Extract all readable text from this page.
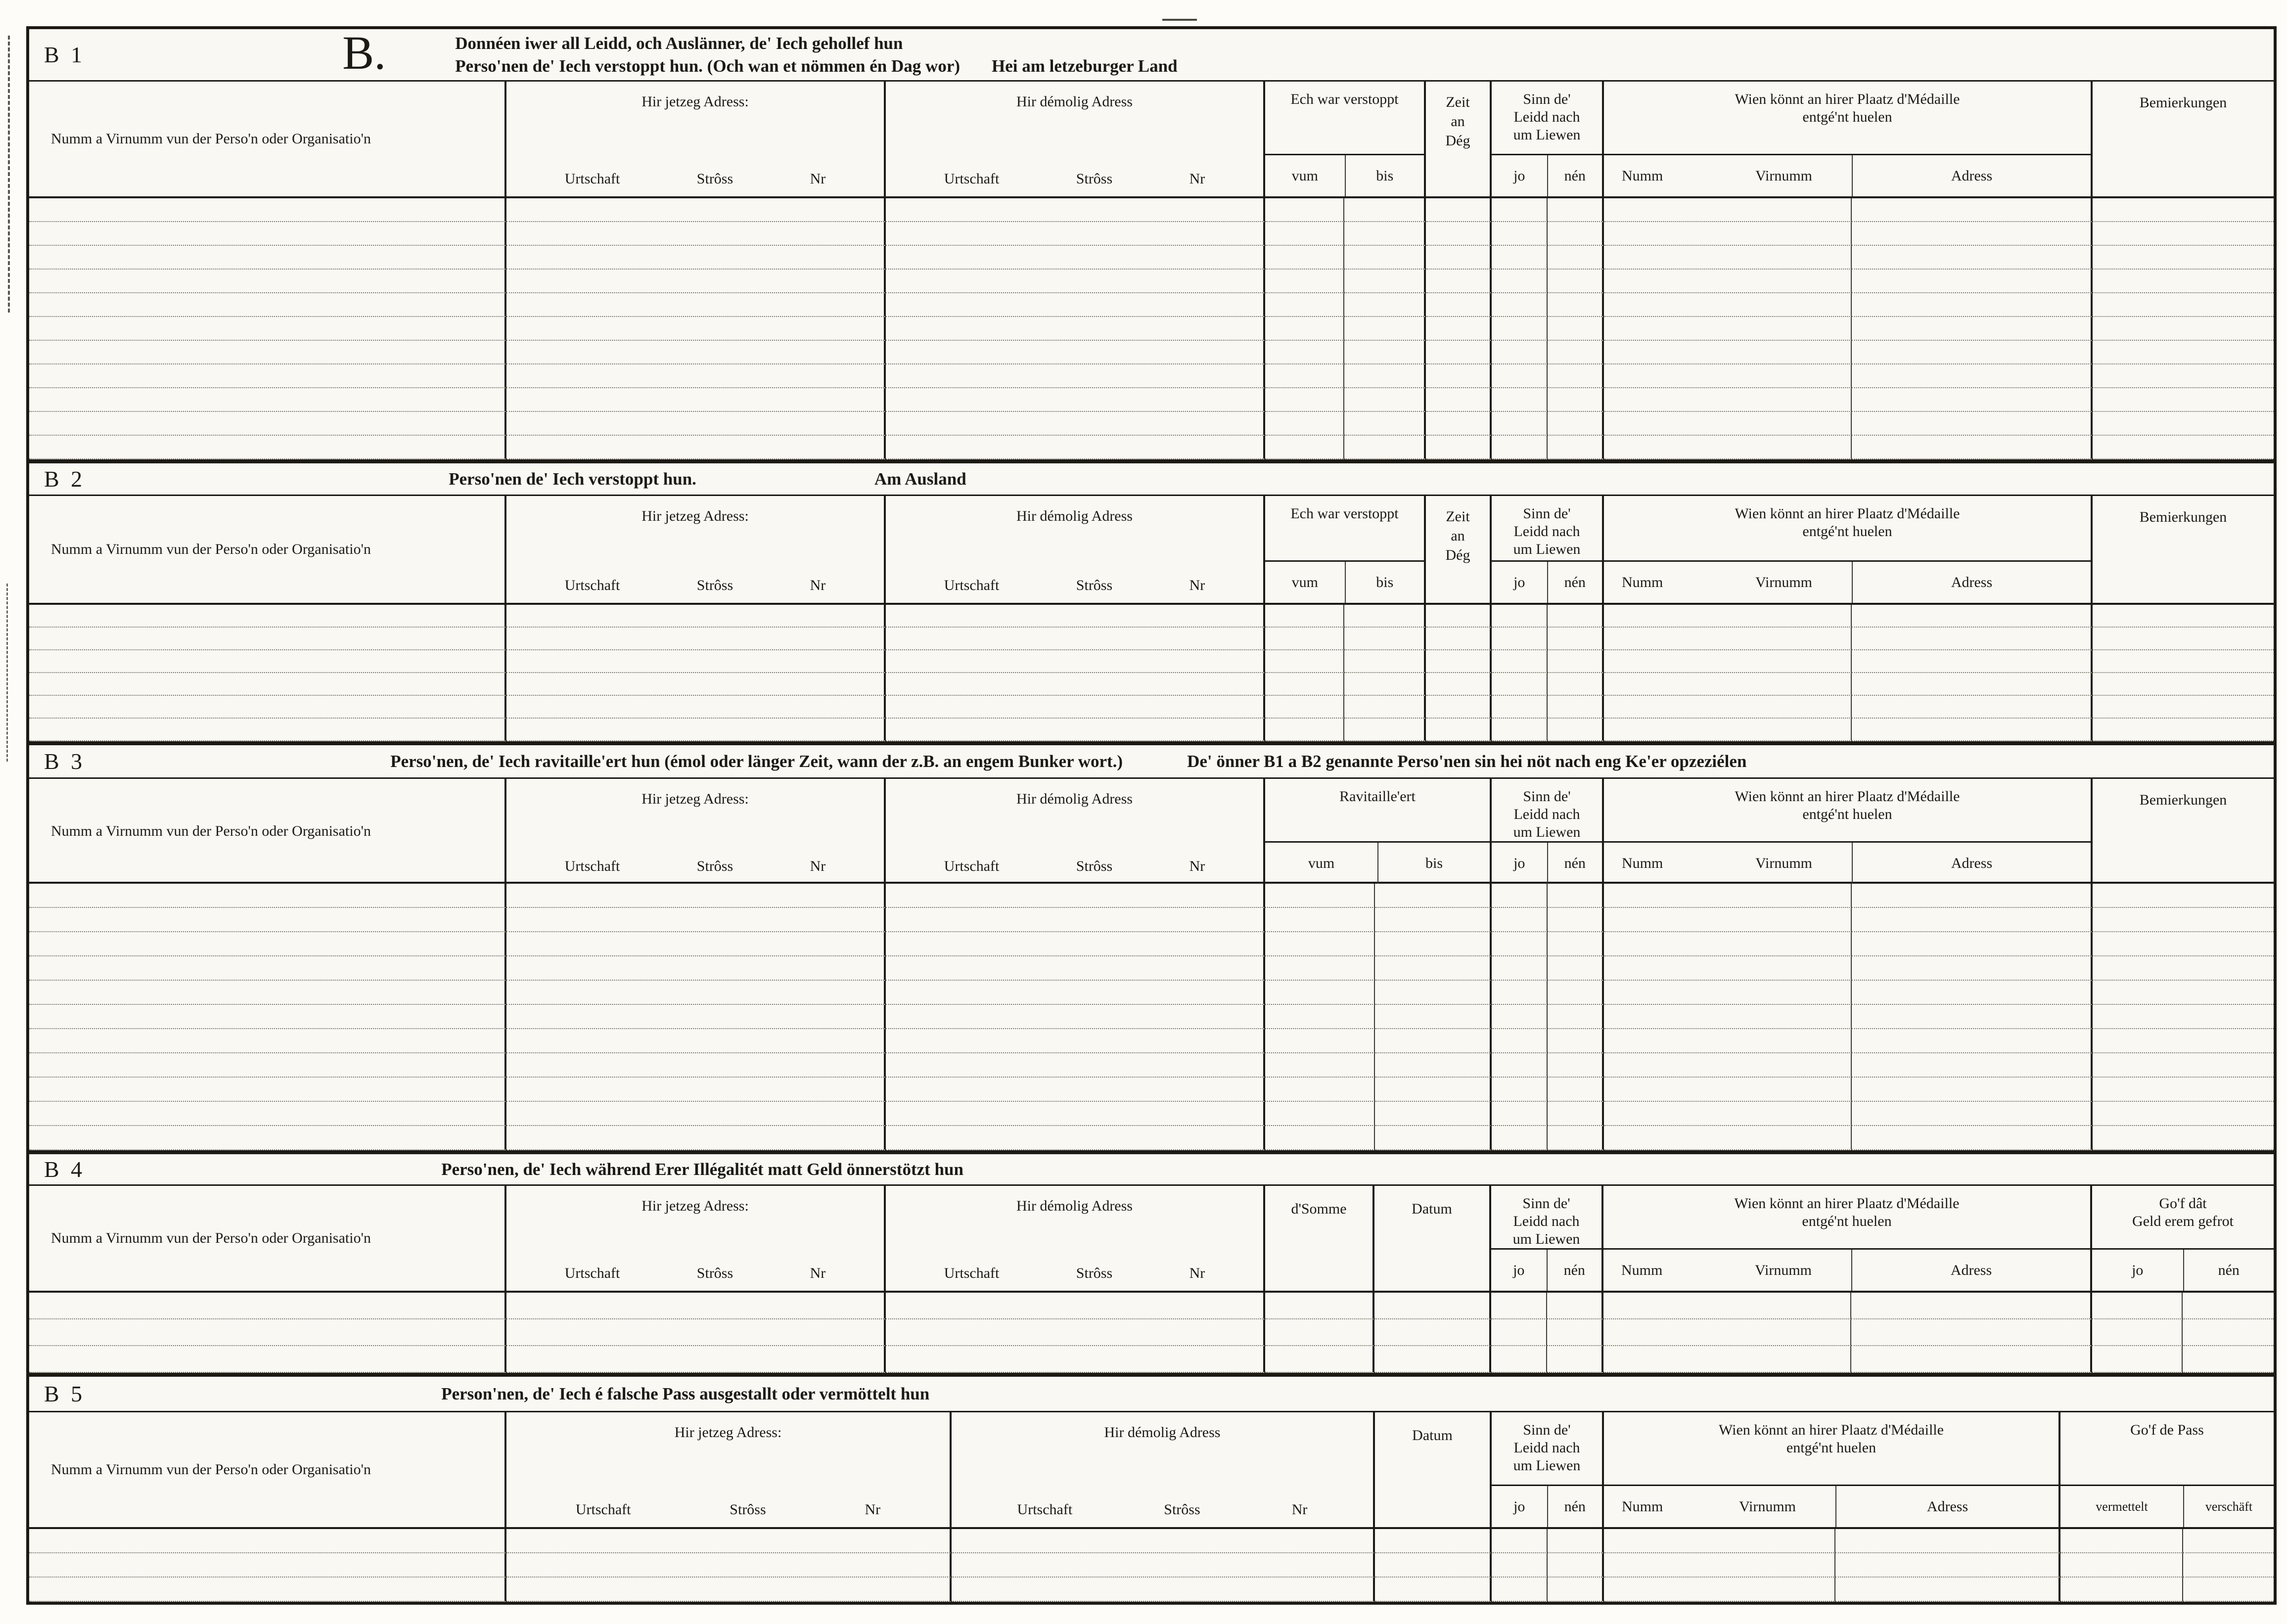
B 1	B.	Donnéen iwer all Leidd, och Auslänner, de' Iech gehollef hun
Perso'nen de' Iech verstoppt hun. (Och wan et nömmen én Dag wor) Hei am letzeburger Land
Numm a Virnumm vun der Perso'n oder Organisatio'n
Hir jetzeg Adress:
Urtschaft	Strôss	Nr
Hir démolig Adress
Urtschaft	Strôss	Nr
Ech war verstoppt
vum	bis
Zeit
an
Dég
Sinn de'
Leidd nach
um Liewen
jo	nén
Wien könnt an hirer Plaatz d'Médaille
entgé'nt huelen
Numm	Virnumm	Adress
Bemierkungen
B 2	Perso'nen de' Iech verstoppt hun.	Am Ausland
Numm a Virnumm vun der Perso'n oder Organisatio'n
Hir jetzeg Adress:
Urtschaft	Strôss	Nr
Hir démolig Adress
Urtschaft	Strôss	Nr
Ech war verstoppt
vum	bis
Zeit
an
Dég
Sinn de'
Leidd nach
um Liewen
jo	nén
Wien könnt an hirer Plaatz d'Médaille
entgé'nt huelen
Numm	Virnumm	Adress
Bemierkungen
B 3	Perso'nen, de' Iech ravitaille'ert hun (émol oder länger Zeit, wann der z.B. an engem Bunker wort.)	De' önner B1 a B2 genannte Perso'nen sin hei nöt nach eng Ke'er opzeziélen
Numm a Virnumm vun der Perso'n oder Organisatio'n
Hir jetzeg Adress:
Urtschaft	Strôss	Nr
Hir démolig Adress
Urtschaft	Strôss	Nr
Ravitaille'ert
vum	bis
Sinn de'
Leidd nach
um Liewen
jo	nén
Wien könnt an hirer Plaatz d'Médaille
entgé'nt huelen
Numm	Virnumm	Adress
Bemierkungen
B 4	Perso'nen, de' Iech während Erer Illégalitét matt Geld önnerstötzt hun
Numm a Virnumm vun der Perso'n oder Organisatio'n
Hir jetzeg Adress:
Urtschaft	Strôss	Nr
Hir démolig Adress
Urtschaft	Strôss	Nr
d'Somme	Datum	Sinn de'
Leidd nach
um Liewen
jo	nén
Wien könnt an hirer Plaatz d'Médaille
entgé'nt huelen
Numm	Virnumm	Adress
Go'f dât
Geld erem gefrot
jo	nén
B 5	Person'nen, de' Iech é falsche Pass ausgestallt oder vermöttelt hun
Numm a Virnumm vun der Perso'n oder Organisatio'n
Hir jetzeg Adress:
Urtschaft	Strôss	Nr
Hir démolig Adress
Urtschaft	Strôss	Nr
Datum	Sinn de'
Leidd nach
um Liewen
jo	nén
Wien könnt an hirer Plaatz d'Médaille
entgé'nt huelen
Numm	Virnumm	Adress
Go'f de Pass
vermettelt	verschäft
